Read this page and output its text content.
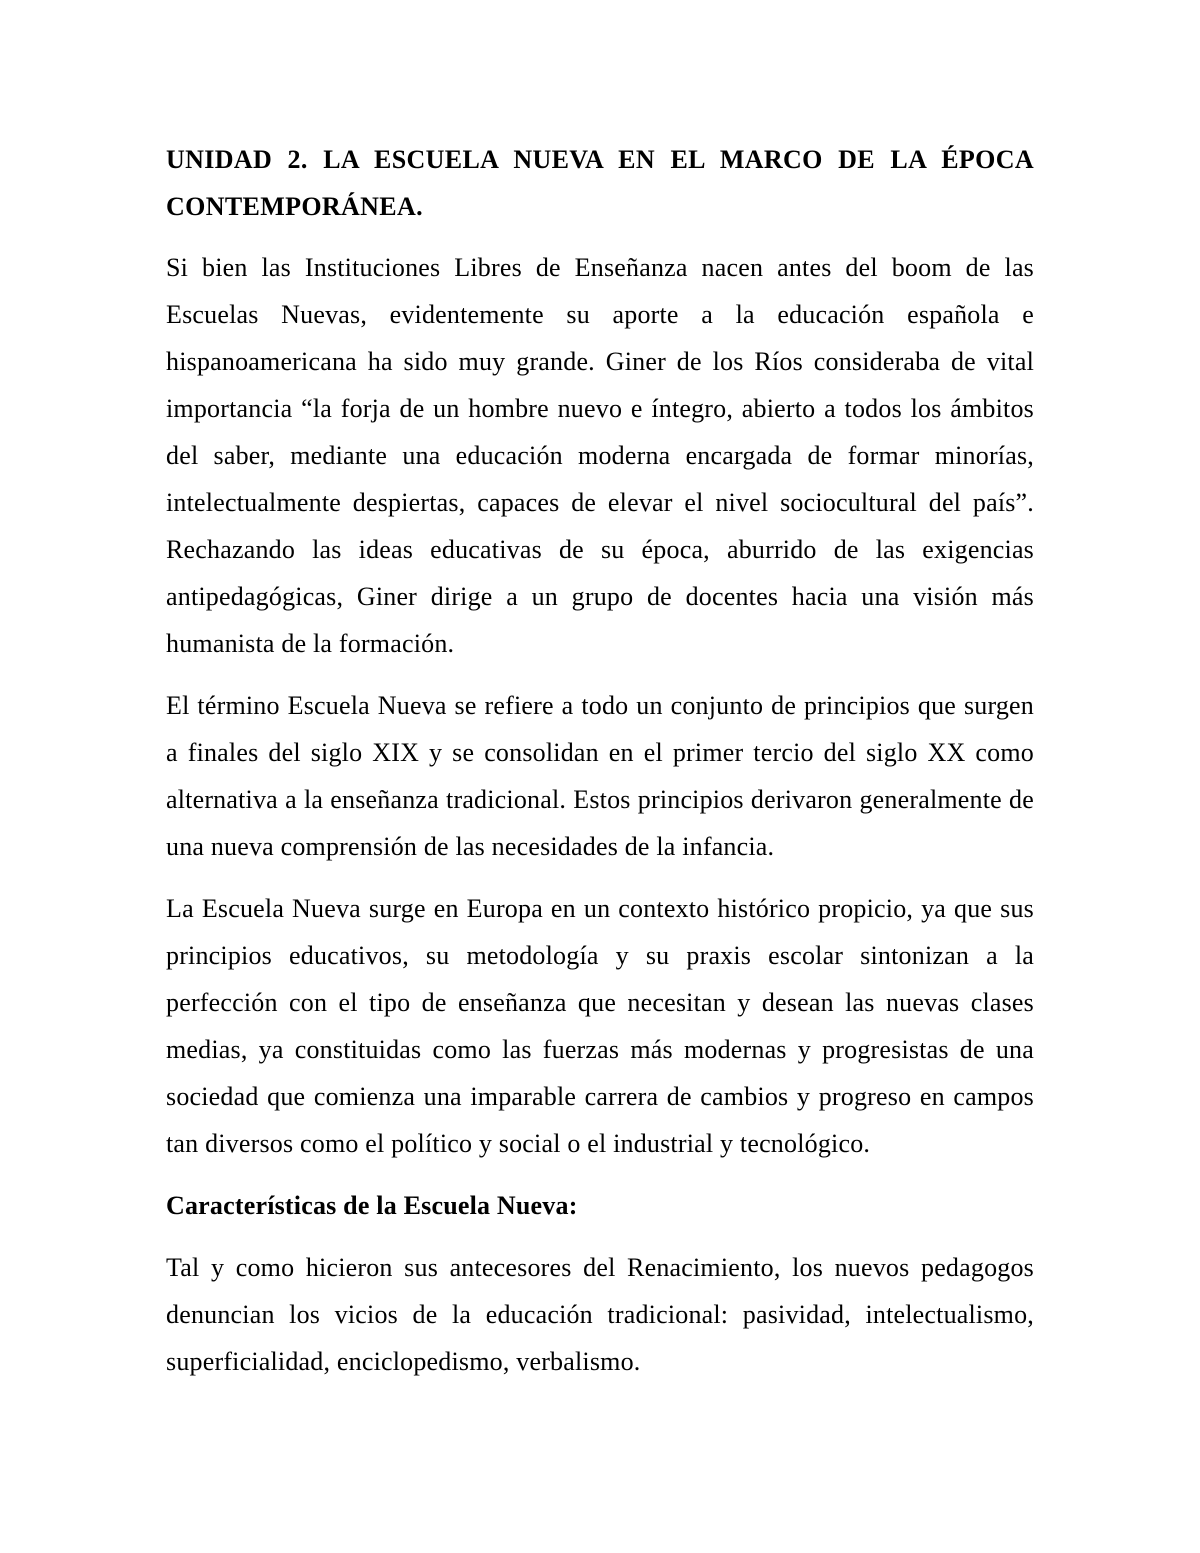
UNIDAD 2. LA ESCUELA NUEVA EN EL MARCO DE LA ÉPOCA CONTEMPORÁNEA.

Si bien las Instituciones Libres de Enseñanza nacen antes del boom de las Escuelas Nuevas, evidentemente su aporte a la educación española e hispanoamericana ha sido muy grande. Giner de los Ríos consideraba de vital importancia “la forja de un hombre nuevo e íntegro, abierto a todos los ámbitos del saber, mediante una educación moderna encargada de formar minorías, intelectualmente despiertas, capaces de elevar el nivel sociocultural del país”. Rechazando las ideas educativas de su época, aburrido de las exigencias antipedagógicas, Giner dirige a un grupo de docentes hacia una visión más humanista de la formación.

El término Escuela Nueva se refiere a todo un conjunto de principios que surgen a finales del siglo XIX y se consolidan en el primer tercio del siglo XX como alternativa a la enseñanza tradicional. Estos principios derivaron generalmente de una nueva comprensión de las necesidades de la infancia.

La Escuela Nueva surge en Europa en un contexto histórico propicio, ya que sus principios educativos, su metodología y su praxis escolar sintonizan a la perfección con el tipo de enseñanza que necesitan y desean las nuevas clases medias, ya constituidas como las fuerzas más modernas y progresistas de una sociedad que comienza una imparable carrera de cambios y progreso en campos tan diversos como el político y social o el industrial y tecnológico.

Características de la Escuela Nueva:

Tal y como hicieron sus antecesores del Renacimiento, los nuevos pedagogos denuncian los vicios de la educación tradicional: pasividad, intelectualismo, superficialidad, enciclopedismo, verbalismo.
